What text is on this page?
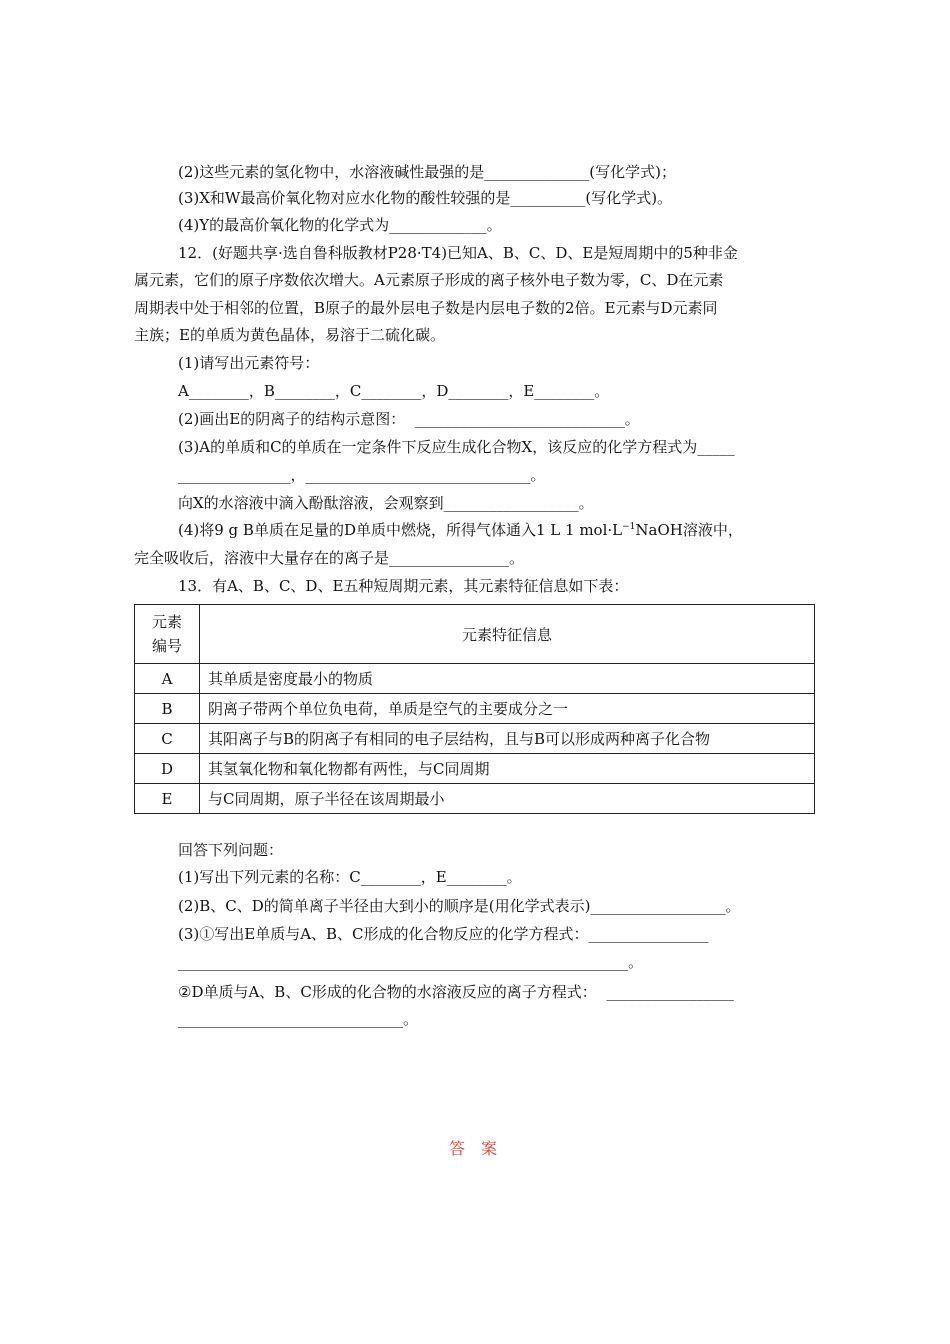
(2)这些元素的氢化物中，水溶液碱性最强的是______________(写化学式)；
(3)X和W最高价氧化物对应水化物的酸性较强的是__________(写化学式)。
(4)Y的最高价氧化物的化学式为_____________。
12．(好题共享·选自鲁科版教材P28·T4)已知A、B、C、D、E是短周期中的5种非金
属元素，它们的原子序数依次增大。A元素原子形成的离子核外电子数为零，C、D在元素
周期表中处于相邻的位置，B原子的最外层电子数是内层电子数的2倍。E元素与D元素同
主族；E的单质为黄色晶体，易溶于二硫化碳。
(1)请写出元素符号：
A________，B________，C________，D________，E________。
(2)画出E的阴离子的结构示意图：  ____________________________。
(3)A的单质和C的单质在一定条件下反应生成化合物X，该反应的化学方程式为_____
_______________，______________________________。
向X的水溶液中滴入酚酞溶液，会观察到__________________。
(4)将9 g B单质在足量的D单质中燃烧，所得气体通入1 L 1 $mol\cdot L^{-1}NaOH$溶液中，
完全吸收后，溶液中大量存在的离子是________________。
13．有A、B、C、D、E五种短周期元素，其元素特征信息如下表：
元素
编号	元素特征信息
A	其单质是密度最小的物质
B	阴离子带两个单位负电荷，单质是空气的主要成分之一
C	其阳离子与B的阴离子有相同的电子层结构，且与B可以形成两种离子化合物
D	其氢氧化物和氧化物都有两性，与C同周期
E	与C同周期，原子半径在该周期最小
回答下列问题：
(1)写出下列元素的名称：C________，E________。
(2)B、C、D的简单离子半径由大到小的顺序是(用化学式表示)__________________。
(3)①写出E单质与A、B、C形成的化合物反应的化学方程式：________________
____________________________________________________________。
②D单质与A、B、C形成的化合物的水溶液反应的离子方程式：  _________________
______________________________。
答案
